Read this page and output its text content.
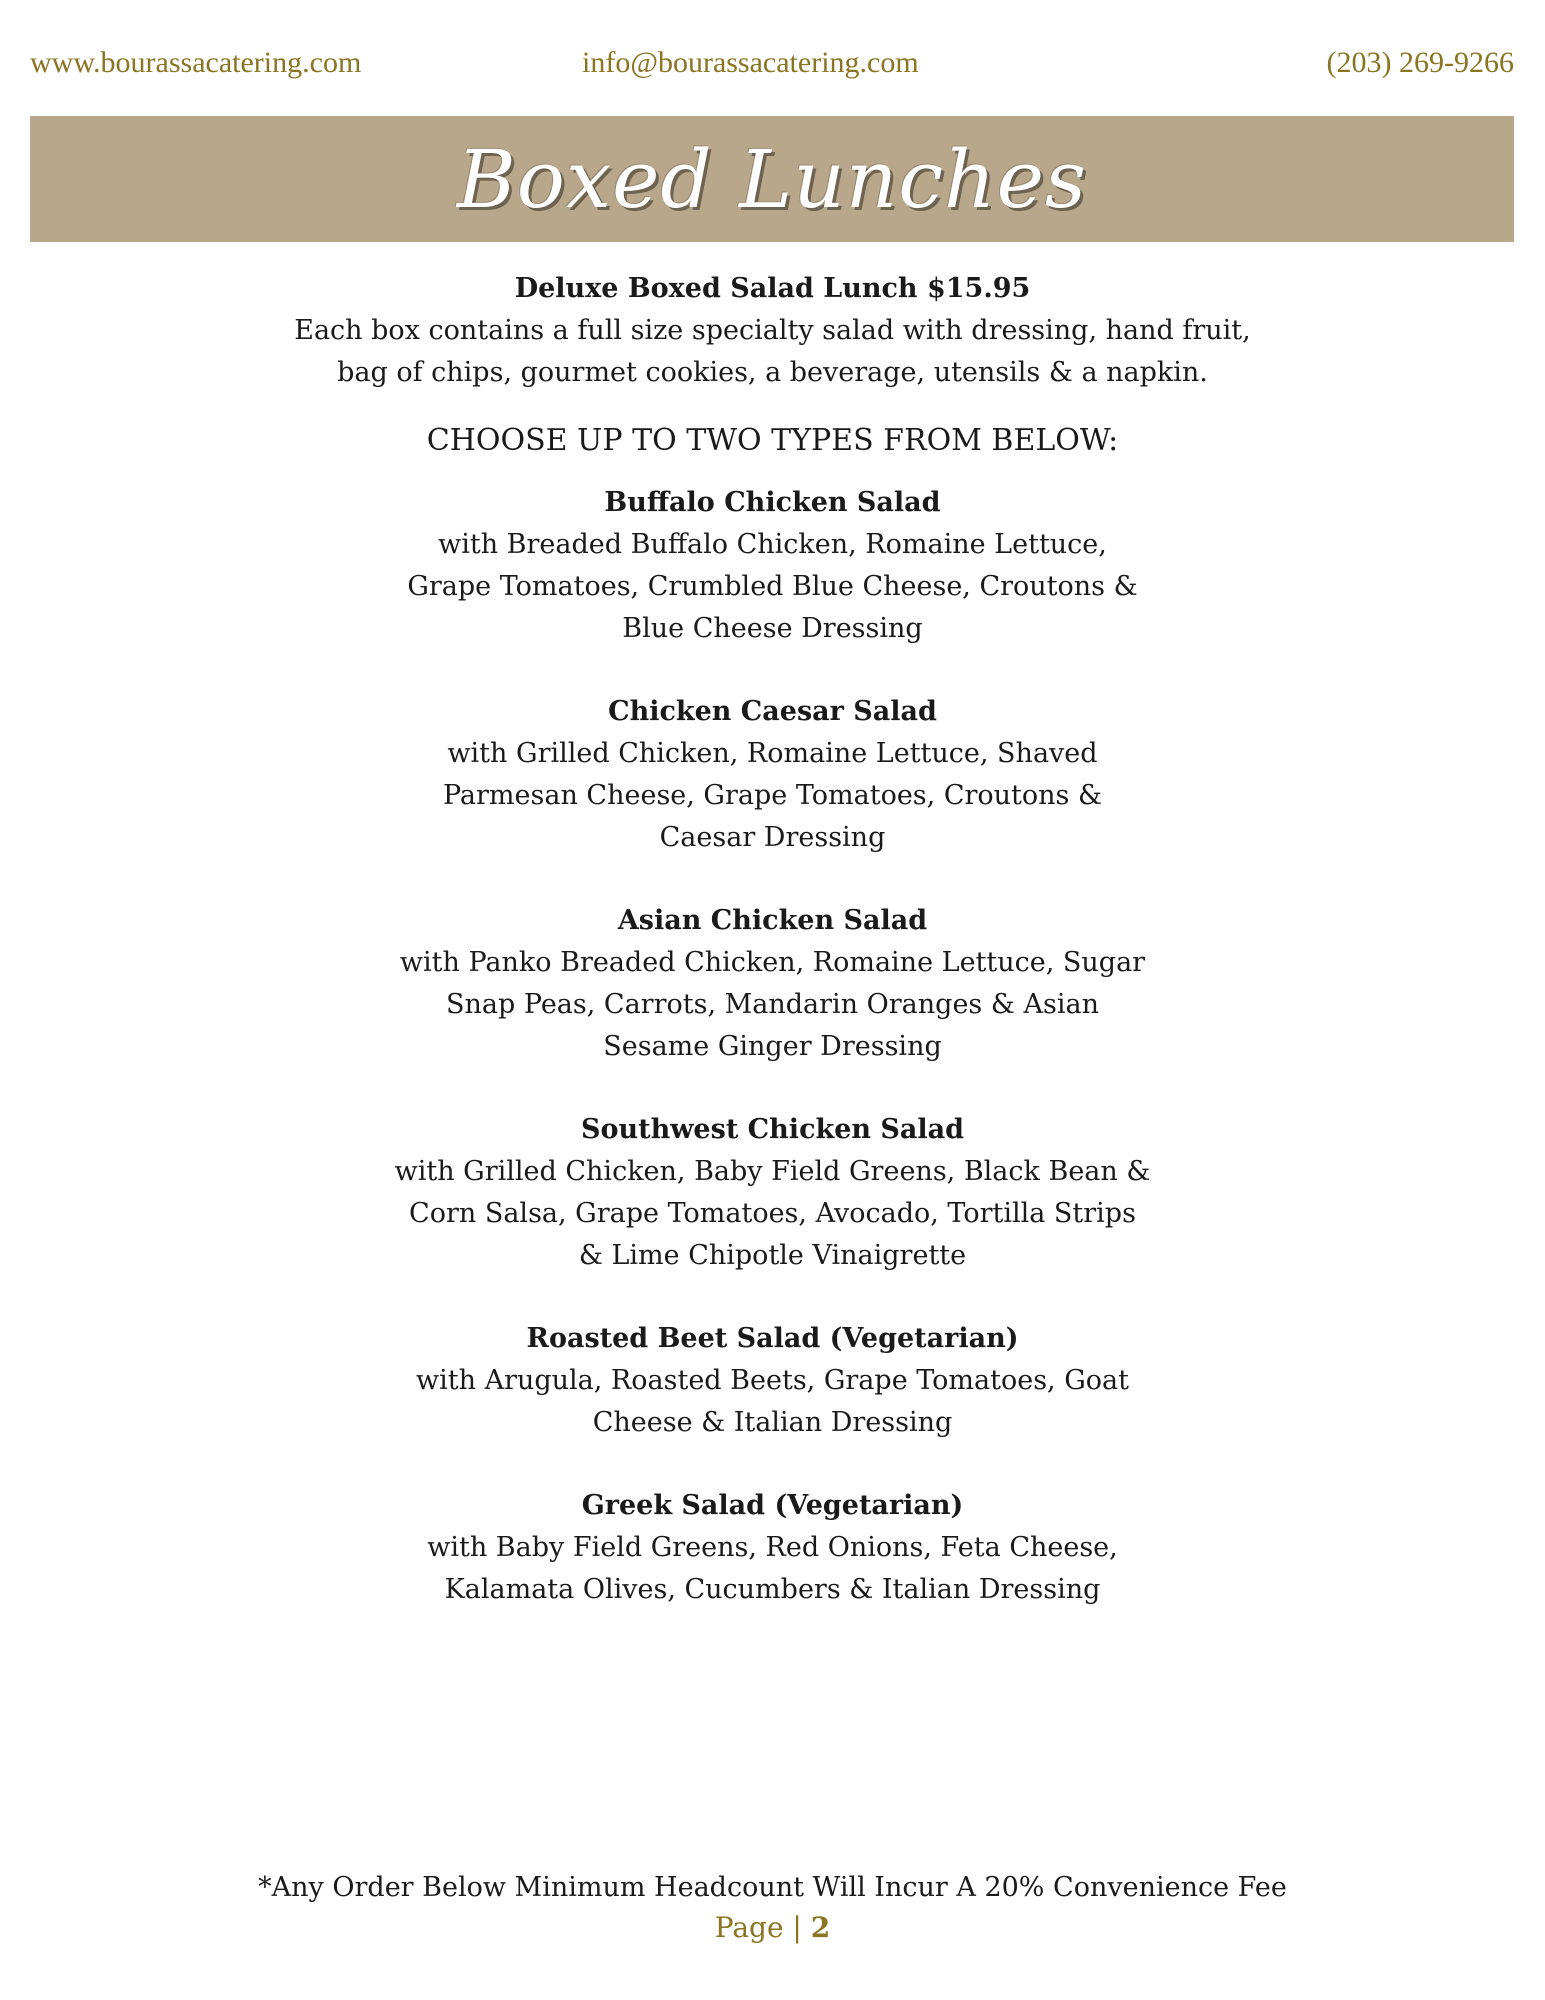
www.bourassacatering.com	info@bourassacatering.com	(203) 269-9266
Boxed Lunches
Deluxe Boxed Salad Lunch $15.95
Each box contains a full size specialty salad with dressing, hand fruit,
bag of chips, gourmet cookies, a beverage, utensils & a napkin.
CHOOSE UP TO TWO TYPES FROM BELOW:
Buffalo Chicken Salad
with Breaded Buffalo Chicken, Romaine Lettuce,
Grape Tomatoes, Crumbled Blue Cheese, Croutons &
Blue Cheese Dressing
Chicken Caesar Salad
with Grilled Chicken, Romaine Lettuce, Shaved
Parmesan Cheese, Grape Tomatoes, Croutons &
Caesar Dressing
Asian Chicken Salad
with Panko Breaded Chicken, Romaine Lettuce, Sugar
Snap Peas, Carrots, Mandarin Oranges & Asian
Sesame Ginger Dressing
Southwest Chicken Salad
with Grilled Chicken, Baby Field Greens, Black Bean &
Corn Salsa, Grape Tomatoes, Avocado, Tortilla Strips
& Lime Chipotle Vinaigrette
Roasted Beet Salad (Vegetarian)
with Arugula, Roasted Beets, Grape Tomatoes, Goat
Cheese & Italian Dressing
Greek Salad (Vegetarian)
with Baby Field Greens, Red Onions, Feta Cheese,
Kalamata Olives, Cucumbers & Italian Dressing
*Any Order Below Minimum Headcount Will Incur A 20% Convenience Fee
Page | 2
